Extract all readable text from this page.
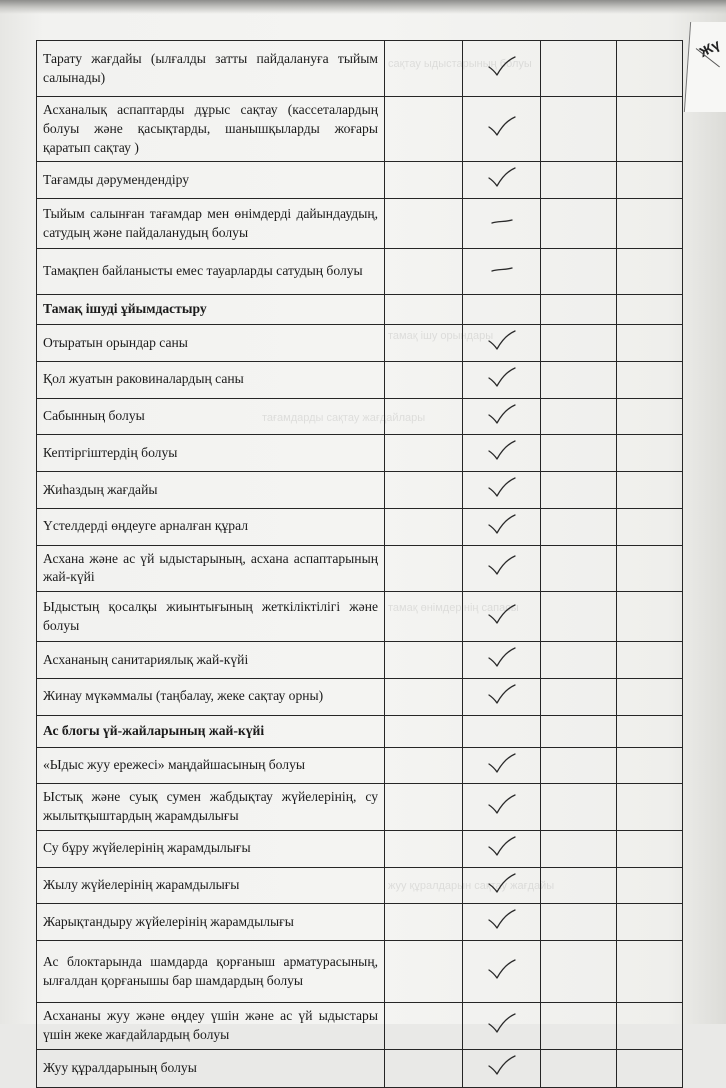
сақтау ыдыстарының болуы
тамақ ішу орындары
тағамдарды сақтау жағдайлары
тамақ өнімдерінің сапасы
жуу құралдарын сақтау жағдайы
Тарату жағдайы (ылғалды затты пайдалануға тыйым салынады)		

Асханалық аспаптарды дұрыс сақтау (кассеталардың болуы және қасықтарды, шанышқыларды жоғары қаратып сақтау )		

Тағамды дәрумендендіру		

Тыйым салынған тағамдар мен өнімдерді дайындаудың, сатудың және пайдаланудың болуы		

Тамақпен байланысты емес тауарларды сатудың болуы		

Тамақ ішуді ұйымдастыру				
Отыратын орындар саны		

Қол жуатын раковиналардың саны		

Сабынның болуы		

Кептіргіштердің болуы		

Жиһаздың жағдайы		

Үстелдерді өңдеуге арналған құрал		

Асхана және ас үй ыдыстарының, асхана аспаптарының жай-күйі		

Ыдыстың қосалқы жиынтығының жеткіліктілігі және болуы		

Асхананың санитариялық жай-күйі		

Жинау мүкәммалы (таңбалау, жеке сақтау орны)		

Ас блогы үй-жайларының жай-күйі				
«Ыдыс жуу ережесі» маңдайшасының болуы		

Ыстық және суық сумен жабдықтау жүйелерінің, су жылытқыштардың жарамдылығы		

Су бұру жүйелерінің жарамдылығы		

Жылу жүйелерінің жарамдылығы		

Жарықтандыру жүйелерінің жарамдылығы		

Ас блоктарында шамдарда қорғаныш арматурасының, ылғалдан қорғанышы бар шамдардың болуы		

Асхананы жуу және өңдеу үшін және ас үй ыдыстары үшін жеке жағдайлардың болуы		

Жуу құралдарының болуы		

Жү
